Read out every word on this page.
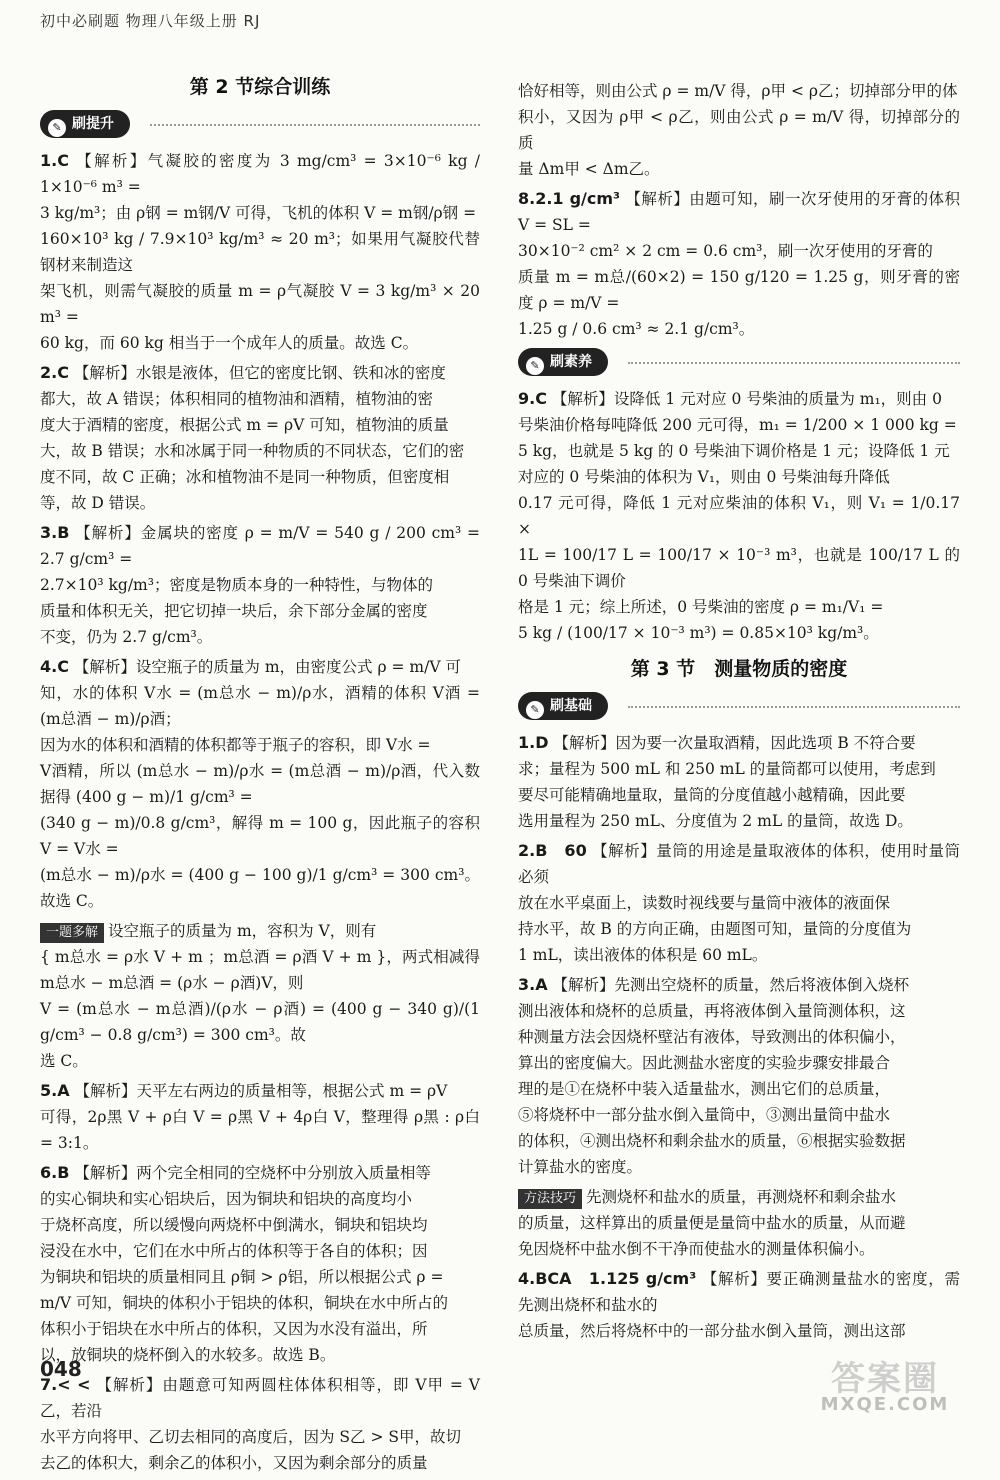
初中必刷题 物理八年级上册 RJ
第 2 节综合训练
✎ 刷提升
1.C 【解析】气凝胶的密度为 3 mg/cm³ = 3×10⁻⁶ kg / 1×10⁻⁶ m³ =
3 kg/m³；由 ρ钢 = m钢/V 可得，飞机的体积 V = m钢/ρ钢 =
160×10³ kg / 7.9×10³ kg/m³ ≈ 20 m³；如果用气凝胶代替钢材来制造这
架飞机，则需气凝胶的质量 m = ρ气凝胶 V = 3 kg/m³ × 20 m³ =
60 kg，而 60 kg 相当于一个成年人的质量。故选 C。
2.C 【解析】水银是液体，但它的密度比钢、铁和冰的密度
都大，故 A 错误；体积相同的植物油和酒精，植物油的密
度大于酒精的密度，根据公式 m = ρV 可知，植物油的质量
大，故 B 错误；水和冰属于同一种物质的不同状态，它们的密
度不同，故 C 正确；冰和植物油不是同一种物质，但密度相
等，故 D 错误。
3.B 【解析】金属块的密度 ρ = m/V = 540 g / 200 cm³ = 2.7 g/cm³ =
2.7×10³ kg/m³；密度是物质本身的一种特性，与物体的
质量和体积无关，把它切掉一块后，余下部分金属的密度
不变，仍为 2.7 g/cm³。
4.C 【解析】设空瓶子的质量为 m，由密度公式 ρ = m/V 可
知，水的体积 V水 = (m总水 − m)/ρ水，酒精的体积 V酒 = (m总酒 − m)/ρ酒；
因为水的体积和酒精的体积都等于瓶子的容积，即 V水 =
V酒精，所以 (m总水 − m)/ρ水 = (m总酒 − m)/ρ酒，代入数据得 (400 g − m)/1 g/cm³ =
(340 g − m)/0.8 g/cm³，解得 m = 100 g，因此瓶子的容积 V = V水 =
(m总水 − m)/ρ水 = (400 g − 100 g)/1 g/cm³ = 300 cm³。故选 C。
一题多解 设空瓶子的质量为 m，容积为 V，则有
{ m总水 = ρ水 V + m ；m总酒 = ρ酒 V + m }，两式相减得 m总水 − m总酒 = (ρ水 − ρ酒)V，则
V = (m总水 − m总酒)/(ρ水 − ρ酒) = (400 g − 340 g)/(1 g/cm³ − 0.8 g/cm³) = 300 cm³。故
选 C。
5.A 【解析】天平左右两边的质量相等，根据公式 m = ρV
可得，2ρ黑 V + ρ白 V = ρ黑 V + 4ρ白 V，整理得 ρ黑 : ρ白 = 3:1。
6.B 【解析】两个完全相同的空烧杯中分别放入质量相等
的实心铜块和实心铝块后，因为铜块和铝块的高度均小
于烧杯高度，所以缓慢向两烧杯中倒满水，铜块和铝块均
浸没在水中，它们在水中所占的体积等于各自的体积；因
为铜块和铝块的质量相同且 ρ铜 > ρ铝，所以根据公式 ρ =
m/V 可知，铜块的体积小于铝块的体积，铜块在水中所占的
体积小于铝块在水中所占的体积，又因为水没有溢出，所
以，放铜块的烧杯倒入的水较多。故选 B。
7.< < 【解析】由题意可知两圆柱体体积相等，即 V甲 = V乙，若沿
水平方向将甲、乙切去相同的高度后，因为 S乙 > S甲，故切
去乙的体积大，剩余乙的体积小，又因为剩余部分的质量
恰好相等，则由公式 ρ = m/V 得，ρ甲 < ρ乙；切掉部分甲的体
积小，又因为 ρ甲 < ρ乙，则由公式 ρ = m/V 得，切掉部分的质
量 Δm甲 < Δm乙。
8.2.1 g/cm³ 【解析】由题可知，刷一次牙使用的牙膏的体积 V = SL =
30×10⁻² cm² × 2 cm = 0.6 cm³，刷一次牙使用的牙膏的
质量 m = m总/(60×2) = 150 g/120 = 1.25 g，则牙膏的密度 ρ = m/V =
1.25 g / 0.6 cm³ ≈ 2.1 g/cm³。
✎ 刷素养
9.C 【解析】设降低 1 元对应 0 号柴油的质量为 m₁，则由 0
号柴油价格每吨降低 200 元可得，m₁ = 1/200 × 1 000 kg =
5 kg，也就是 5 kg 的 0 号柴油下调价格是 1 元；设降低 1 元
对应的 0 号柴油的体积为 V₁，则由 0 号柴油每升降低
0.17 元可得，降低 1 元对应柴油的体积 V₁，则 V₁ = 1/0.17 ×
1L = 100/17 L = 100/17 × 10⁻³ m³，也就是 100/17 L 的 0 号柴油下调价
格是 1 元；综上所述，0 号柴油的密度 ρ = m₁/V₁ =
5 kg / (100/17 × 10⁻³ m³) = 0.85×10³ kg/m³。
第 3 节　测量物质的密度
✎ 刷基础
1.D 【解析】因为要一次量取酒精，因此选项 B 不符合要
求；量程为 500 mL 和 250 mL 的量筒都可以使用，考虑到
要尽可能精确地量取，量筒的分度值越小越精确，因此要
选用量程为 250 mL、分度值为 2 mL 的量筒，故选 D。
2.B　60 【解析】量筒的用途是量取液体的体积，使用时量筒必须
放在水平桌面上，读数时视线要与量筒中液体的液面保
持水平，故 B 的方向正确，由题图可知，量筒的分度值为
1 mL，读出液体的体积是 60 mL。
3.A 【解析】先测出空烧杯的质量，然后将液体倒入烧杯
测出液体和烧杯的总质量，再将液体倒入量筒测体积，这
种测量方法会因烧杯壁沾有液体，导致测出的体积偏小，
算出的密度偏大。因此测盐水密度的实验步骤安排最合
理的是①在烧杯中装入适量盐水，测出它们的总质量，
⑤将烧杯中一部分盐水倒入量筒中，③测出量筒中盐水
的体积，④测出烧杯和剩余盐水的质量，⑥根据实验数据
计算盐水的密度。
方法技巧 先测烧杯和盐水的质量，再测烧杯和剩余盐水
的质量，这样算出的质量便是量筒中盐水的质量，从而避
免因烧杯中盐水倒不干净而使盐水的测量体积偏小。
4.BCA　1.125 g/cm³ 【解析】要正确测量盐水的密度，需先测出烧杯和盐水的
总质量，然后将烧杯中的一部分盐水倒入量筒，测出这部
048	答案圈
MXQE.COM
